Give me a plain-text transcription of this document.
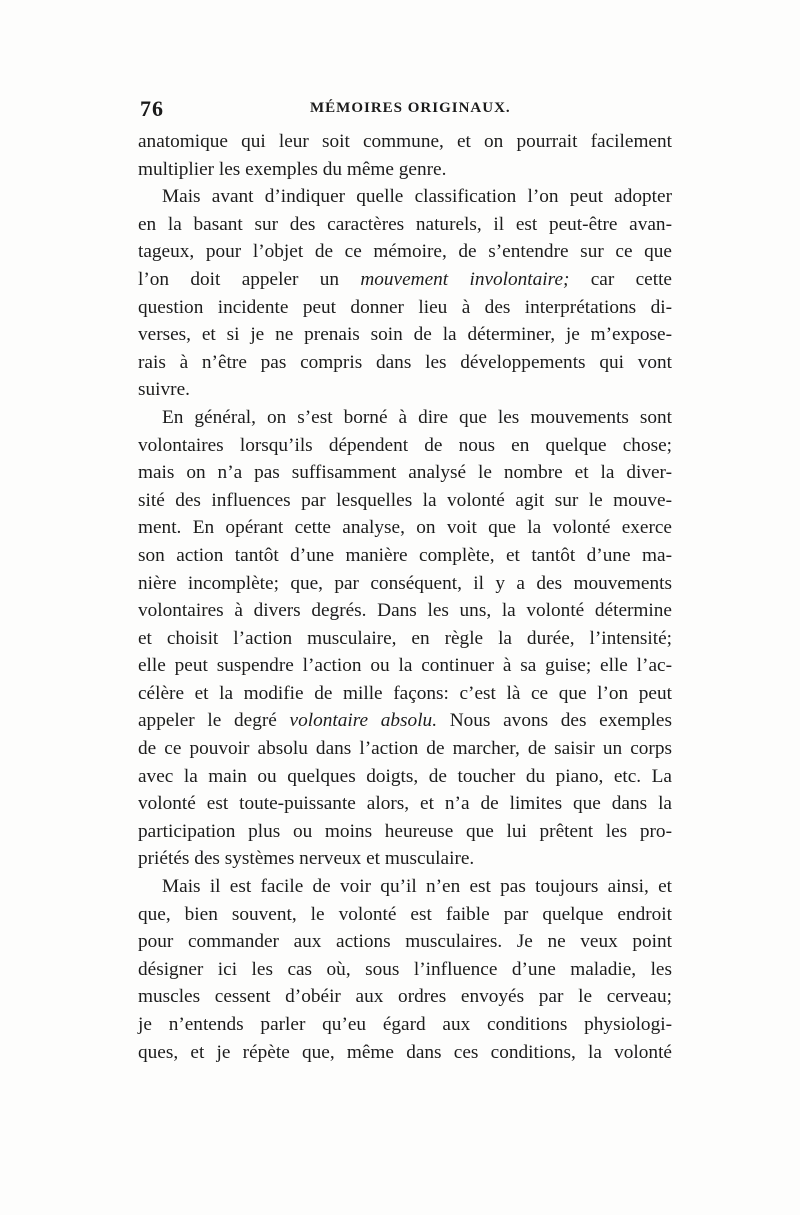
76	MÉMOIRES ORIGINAUX.
anatomique qui leur soit commune, et on pourrait facilement
multiplier les exemples du même genre.
Mais avant d’indiquer quelle classification l’on peut adopter
en la basant sur des caractères naturels, il est peut-être avan-
tageux, pour l’objet de ce mémoire, de s’entendre sur ce que
l’on doit appeler un mouvement involontaire; car cette
question incidente peut donner lieu à des interprétations di-
verses, et si je ne prenais soin de la déterminer, je m’expose-
rais à n’être pas compris dans les développements qui vont
suivre.
En général, on s’est borné à dire que les mouvements sont
volontaires lorsqu’ils dépendent de nous en quelque chose;
mais on n’a pas suffisamment analysé le nombre et la diver-
sité des influences par lesquelles la volonté agit sur le mouve-
ment. En opérant cette analyse, on voit que la volonté exerce
son action tantôt d’une manière complète, et tantôt d’une ma-
nière incomplète; que, par conséquent, il y a des mouvements
volontaires à divers degrés. Dans les uns, la volonté détermine
et choisit l’action musculaire, en règle la durée, l’intensité;
elle peut suspendre l’action ou la continuer à sa guise; elle l’ac-
célère et la modifie de mille façons: c’est là ce que l’on peut
appeler le degré volontaire absolu. Nous avons des exemples
de ce pouvoir absolu dans l’action de marcher, de saisir un corps
avec la main ou quelques doigts, de toucher du piano, etc. La
volonté est toute-puissante alors, et n’a de limites que dans la
participation plus ou moins heureuse que lui prêtent les pro-
priétés des systèmes nerveux et musculaire.
Mais il est facile de voir qu’il n’en est pas toujours ainsi, et
que, bien souvent, le volonté est faible par quelque endroit
pour commander aux actions musculaires. Je ne veux point
désigner ici les cas où, sous l’influence d’une maladie, les
muscles cessent d’obéir aux ordres envoyés par le cerveau;
je n’entends parler qu’eu égard aux conditions physiologi-
ques, et je répète que, même dans ces conditions, la volonté
